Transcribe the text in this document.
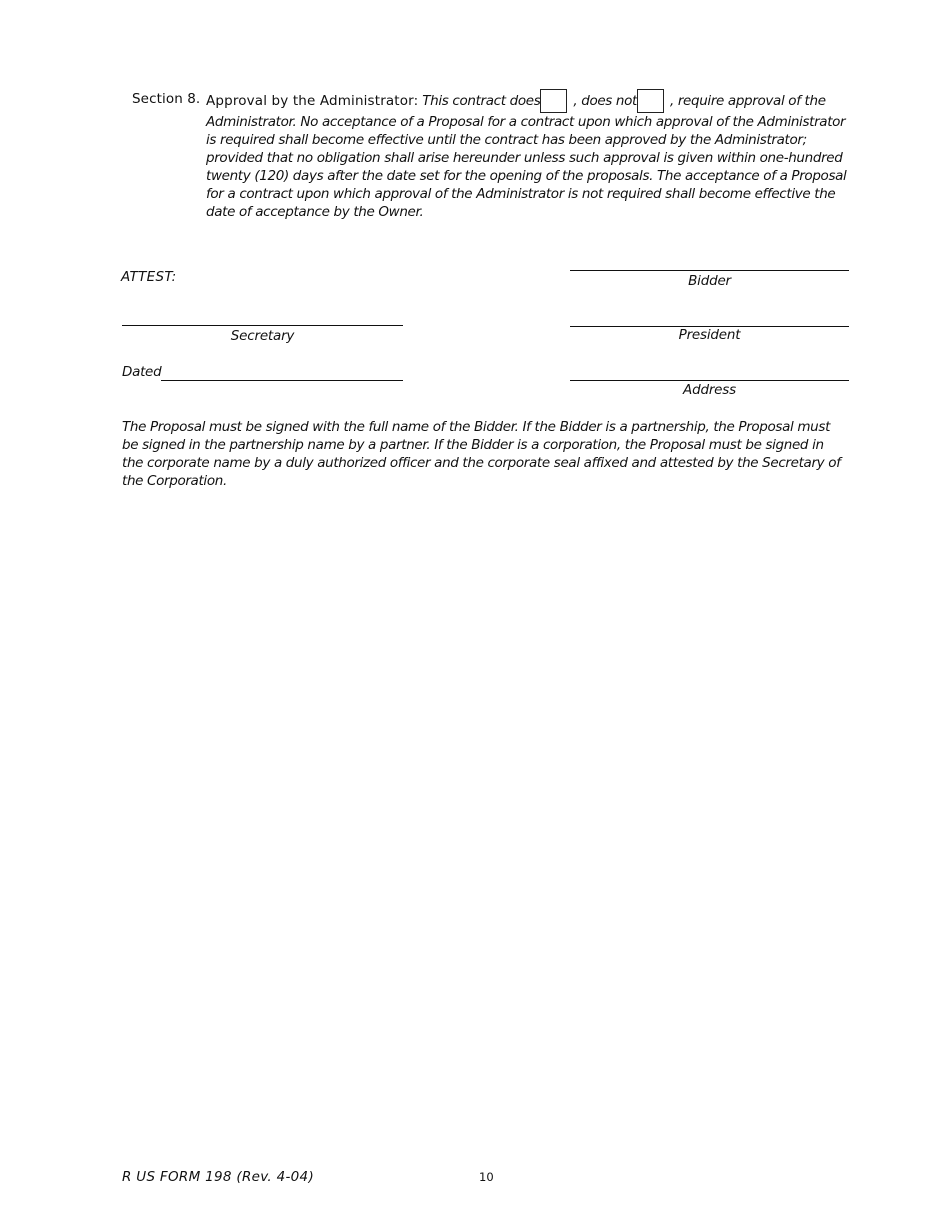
Section 8. Approval by the Administrator: This contract does , does not , require approval of the Administrator. No acceptance of a Proposal for a contract upon which approval of the Administrator is required shall become effective until the contract has been approved by the Administrator; provided that no obligation shall arise hereunder unless such approval is given within one-hundred twenty (120) days after the date set for the opening of the proposals. The acceptance of a Proposal for a contract upon which approval of the Administrator is not required shall become effective the date of acceptance by the Owner.
ATTEST:
Secretary
Dated
Bidder
President
Address
The Proposal must be signed with the full name of the Bidder. If the Bidder is a partnership, the Proposal must be signed in the partnership name by a partner. If the Bidder is a corporation, the Proposal must be signed in the corporate name by a duly authorized officer and the corporate seal affixed and attested by the Secretary of the Corporation.
R US FORM 198 (Rev. 4-04)	10
